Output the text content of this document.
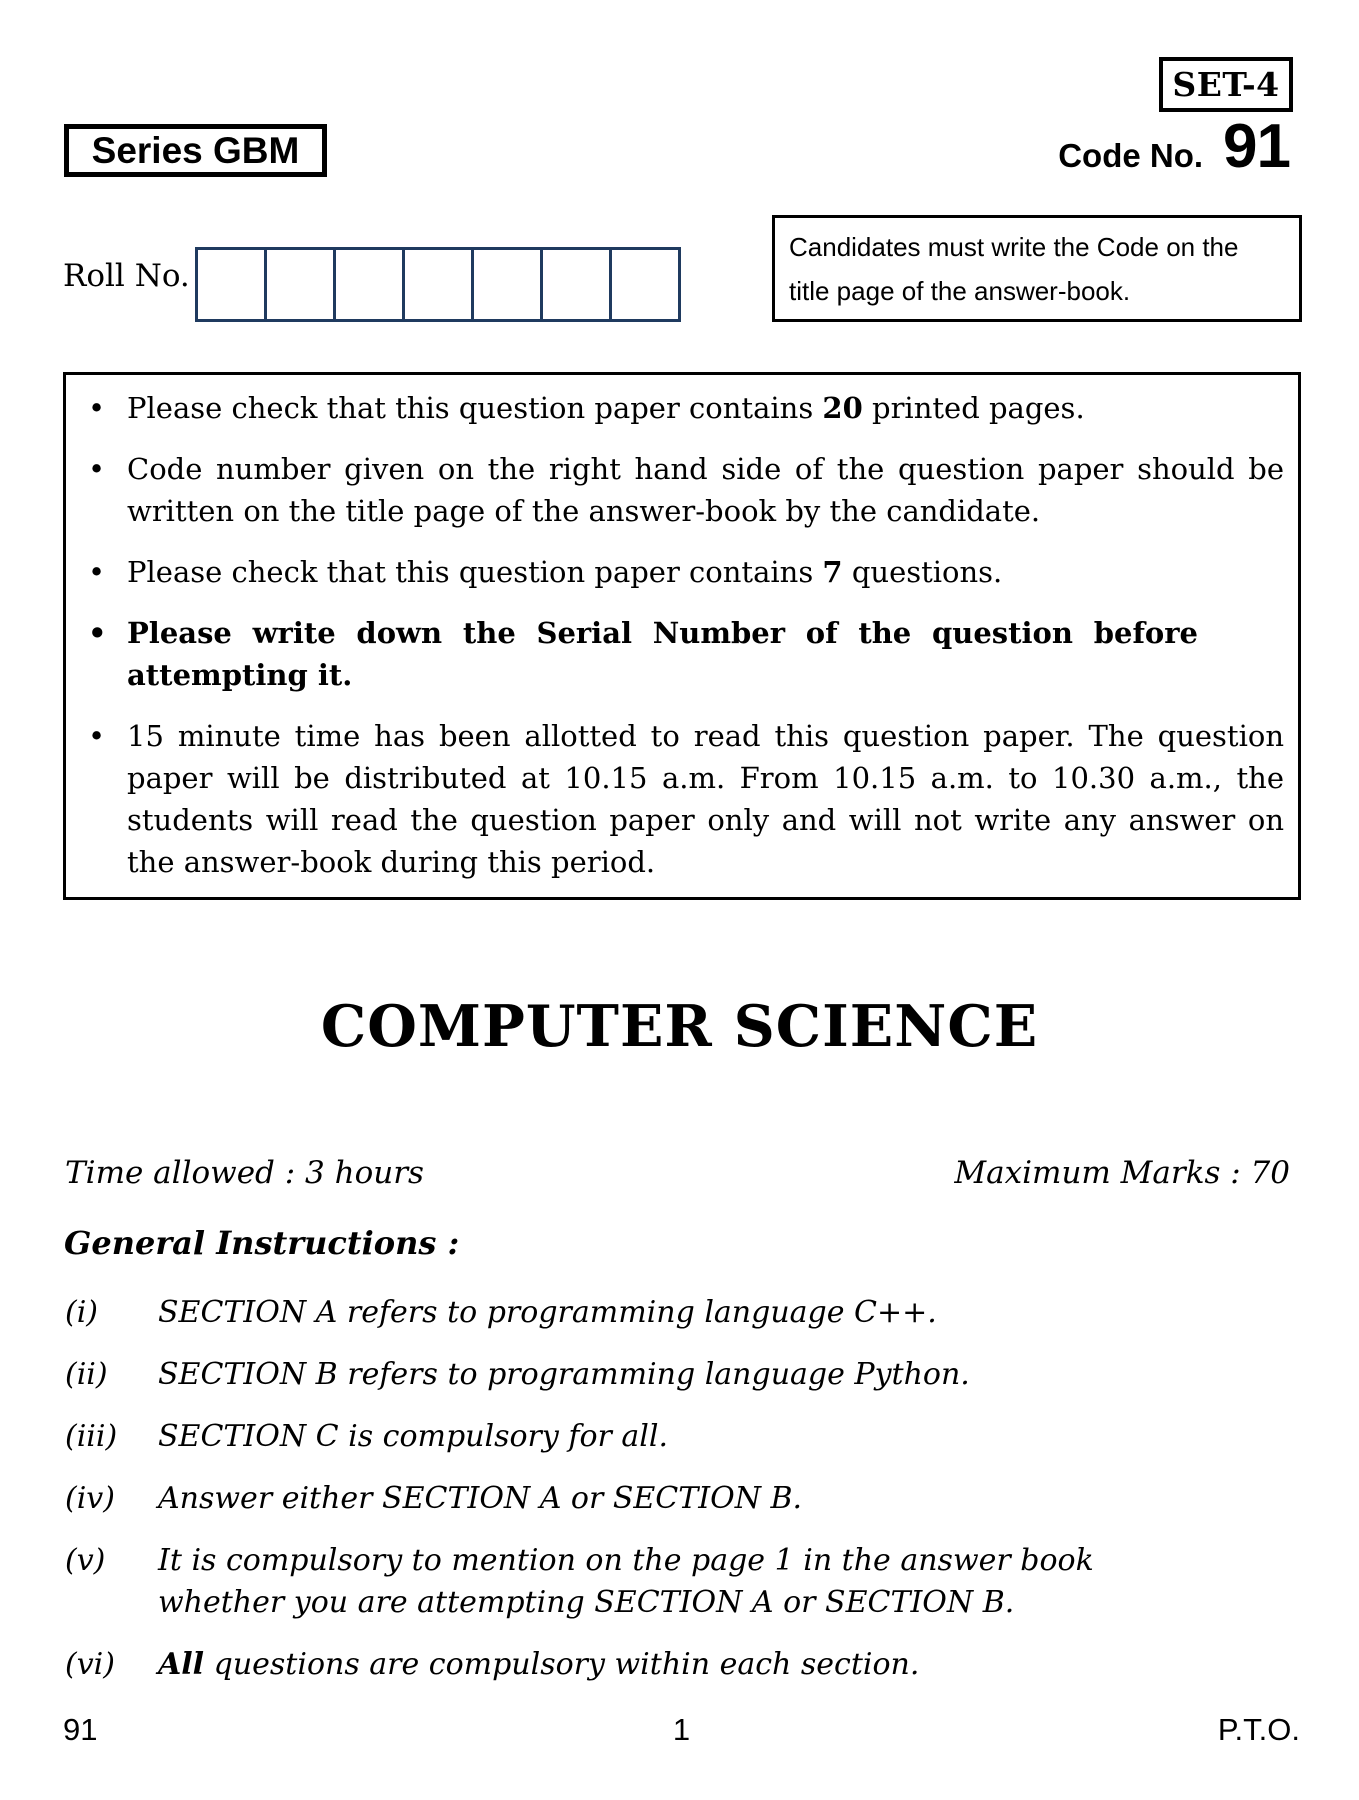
SET-4
Series GBM	Code No. 91
Roll No.
Candidates must write the Code on the
title page of the answer-book.
• Please check that this question paper contains 20 printed pages.
• Code number given on the right hand side of the question paper should be written on the title page of the answer-book by the candidate.
• Please check that this question paper contains 7 questions.
• Please write down the Serial Number of the question before attempting it.
• 15 minute time has been allotted to read this question paper. The question paper will be distributed at 10.15 a.m. From 10.15 a.m. to 10.30 a.m., the students will read the question paper only and will not write any answer on the answer-book during this period.
COMPUTER SCIENCE
Time allowed : 3 hours	Maximum Marks : 70
General Instructions :
(i)	SECTION A refers to programming language C++.
(ii)	SECTION B refers to programming language Python.
(iii)	SECTION C is compulsory for all.
(iv)	Answer either SECTION A or SECTION B.
(v)	It is compulsory to mention on the page 1 in the answer book whether you are attempting SECTION A or SECTION B.
(vi)	All questions are compulsory within each section.
91	1	P.T.O.
